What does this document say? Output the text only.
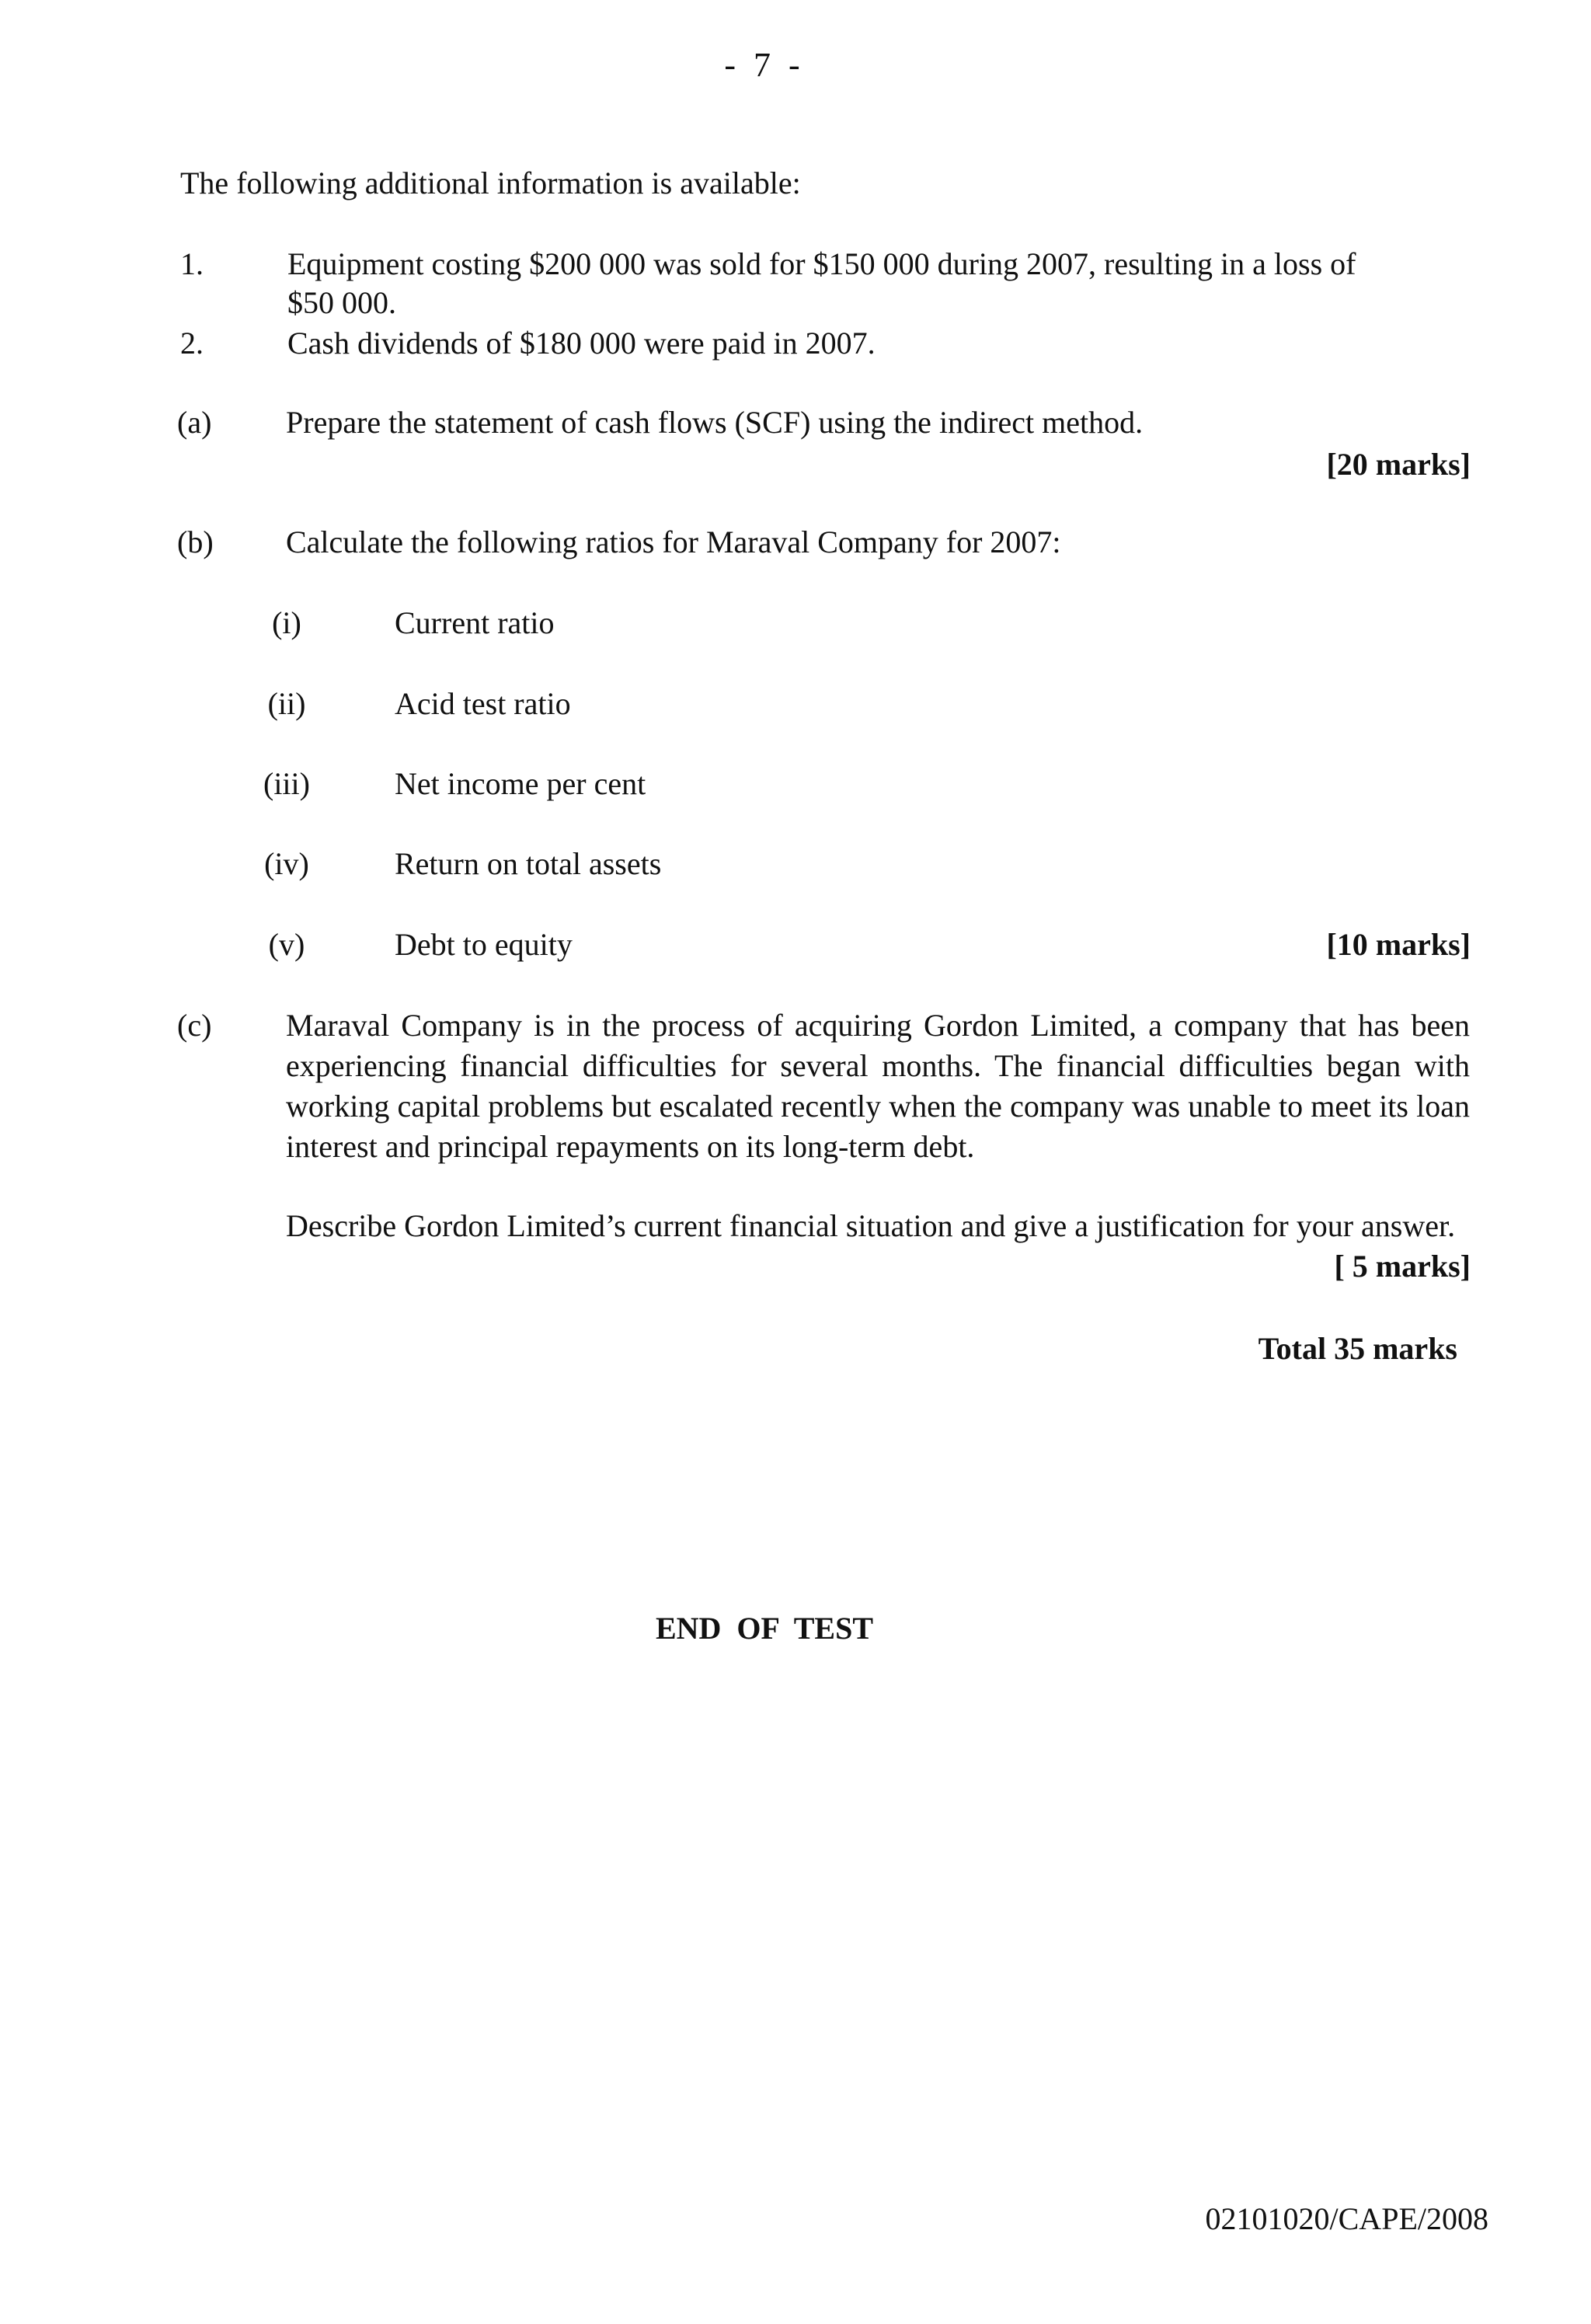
- 7 -
The following additional information is available:
1.	Equipment costing $200 000 was sold for $150 000 during 2007, resulting in a loss of
$50 000.
2.	Cash dividends of $180 000 were paid in 2007.
(a) Prepare the statement of cash flows (SCF) using the indirect method.
[20 marks]
(b) Calculate the following ratios for Maraval Company for 2007:
(i)	Current ratio
(ii)	Acid test ratio
(iii)	Net income per cent
(iv)	Return on total assets
(v)	Debt to equity	[10 marks]
(c) Maraval Company is in the process of acquiring Gordon Limited, a company that has been experiencing financial difficulties for several months. The financial difficulties began with working capital problems but escalated recently when the company was unable to meet its loan interest and principal repayments on its long-term debt.
Describe Gordon Limited’s current financial situation and give a justification for your answer.
[ 5 marks]
Total 35 marks
END OF TEST
02101020/CAPE/2008
